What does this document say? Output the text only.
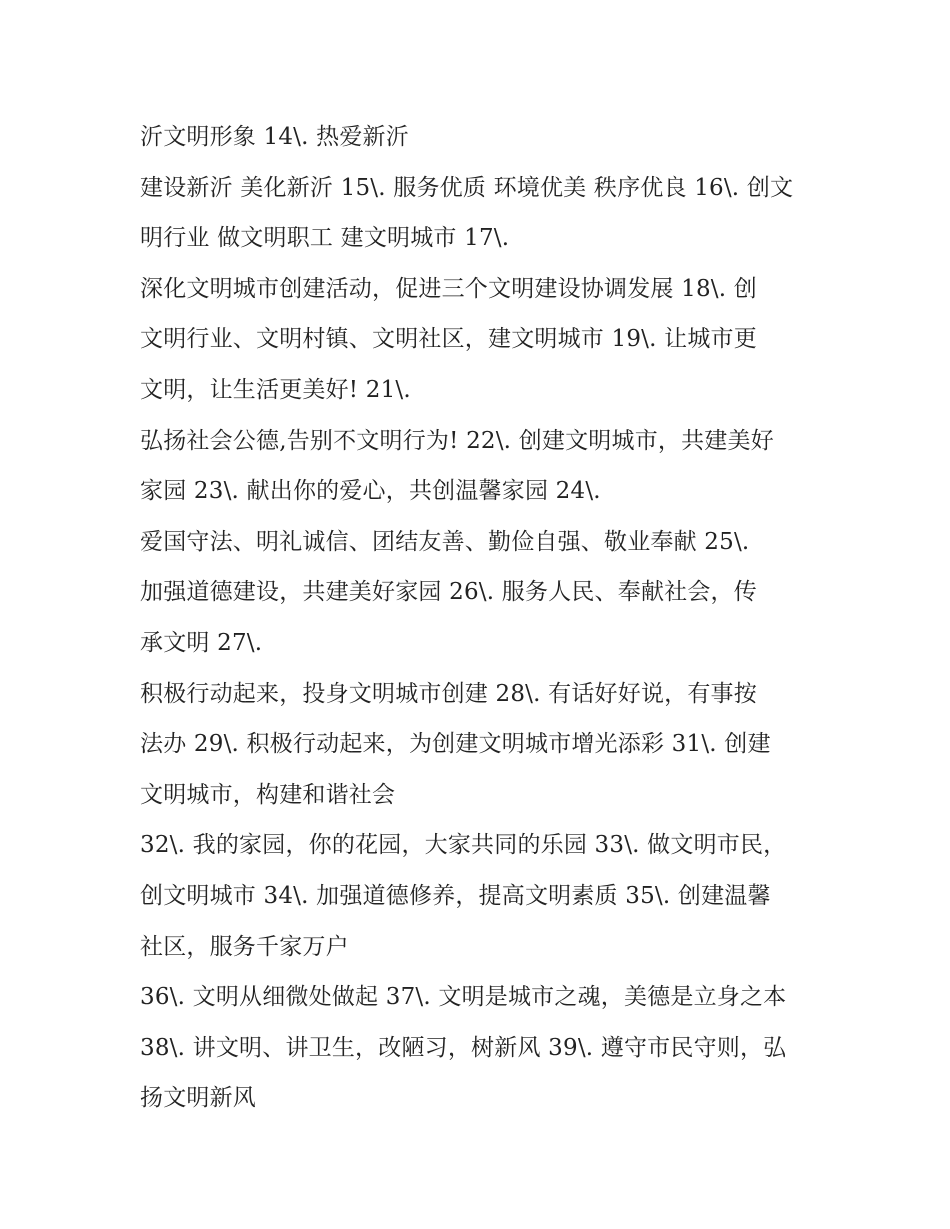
沂文明形象 14\. 热爱新沂

建设新沂 美化新沂 15\. 服务优质 环境优美 秩序优良 16\. 创文
明行业 做文明职工 建文明城市 17\.

深化文明城市创建活动，促进三个文明建设协调发展 18\. 创
文明行业、文明村镇、文明社区，建文明城市 19\. 让城市更
文明，让生活更美好! 21\.

弘扬社会公德,告别不文明行为! 22\. 创建文明城市，共建美好
家园 23\. 献出你的爱心，共创温馨家园 24\.

爱国守法、明礼诚信、团结友善、勤俭自强、敬业奉献 25\.
加强道德建设，共建美好家园 26\. 服务人民、奉献社会，传
承文明 27\.

积极行动起来，投身文明城市创建 28\. 有话好好说，有事按
法办 29\. 积极行动起来，为创建文明城市增光添彩 31\. 创建
文明城市，构建和谐社会

32\. 我的家园，你的花园，大家共同的乐园 33\. 做文明市民，
创文明城市 34\. 加强道德修养，提高文明素质 35\. 创建温馨
社区，服务千家万户

36\. 文明从细微处做起 37\. 文明是城市之魂，美德是立身之本
38\. 讲文明、讲卫生，改陋习，树新风 39\. 遵守市民守则，弘
扬文明新风
